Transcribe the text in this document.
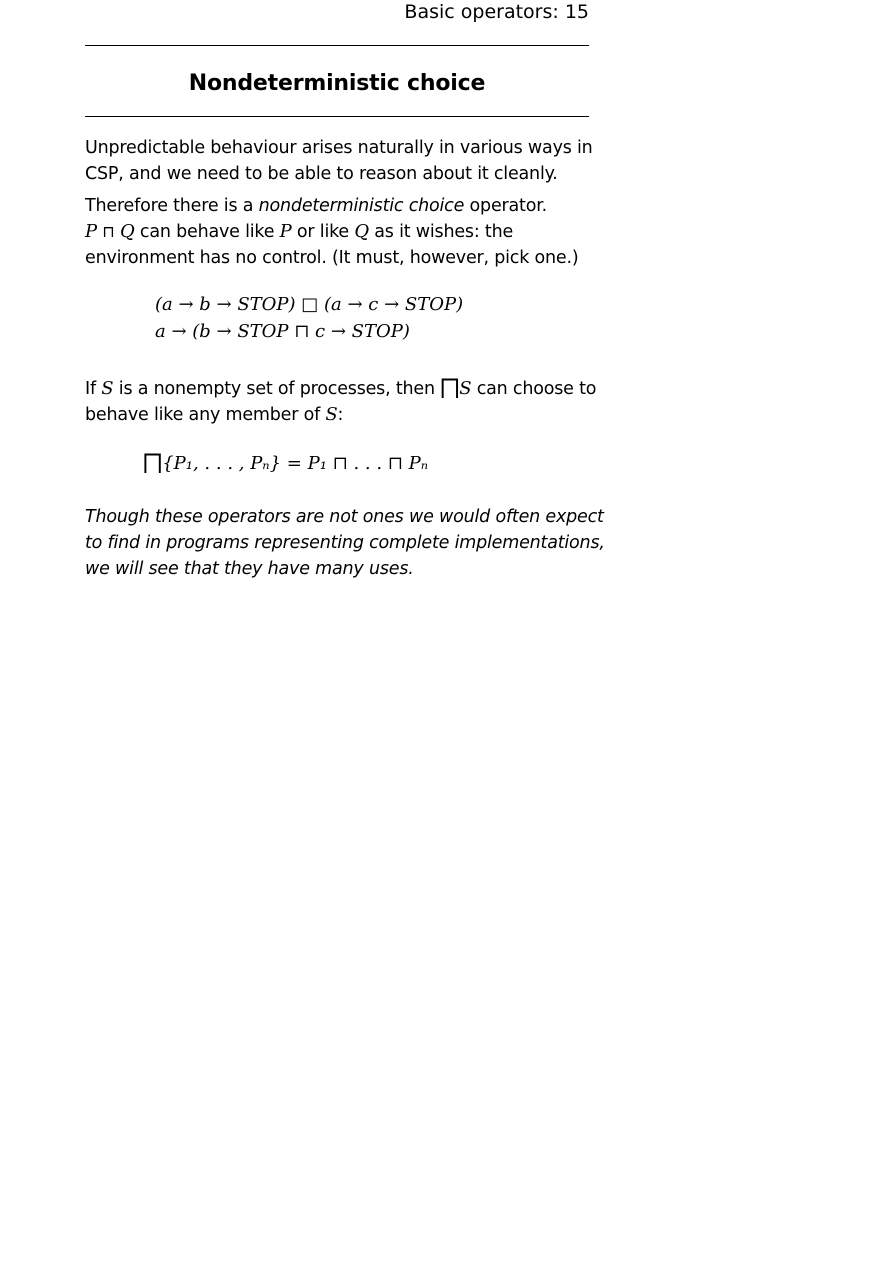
Basic operators: 15
Nondeterministic choice
Unpredictable behaviour arises naturally in various ways in
CSP, and we need to be able to reason about it cleanly.
Therefore there is a nondeterministic choice operator.
P ⊓ Q can behave like P or like Q as it wishes: the
environment has no control. (It must, however, pick one.)
(a → b → STOP) □ (a → c → STOP)
a → (b → STOP ⊓ c → STOP)
If S is a nonempty set of processes, then ⨅S can choose to
behave like any member of S:
⨅{P₁, . . . , Pₙ} = P₁ ⊓ . . . ⊓ Pₙ
Though these operators are not ones we would often expect
to find in programs representing complete implementations,
we will see that they have many uses.
